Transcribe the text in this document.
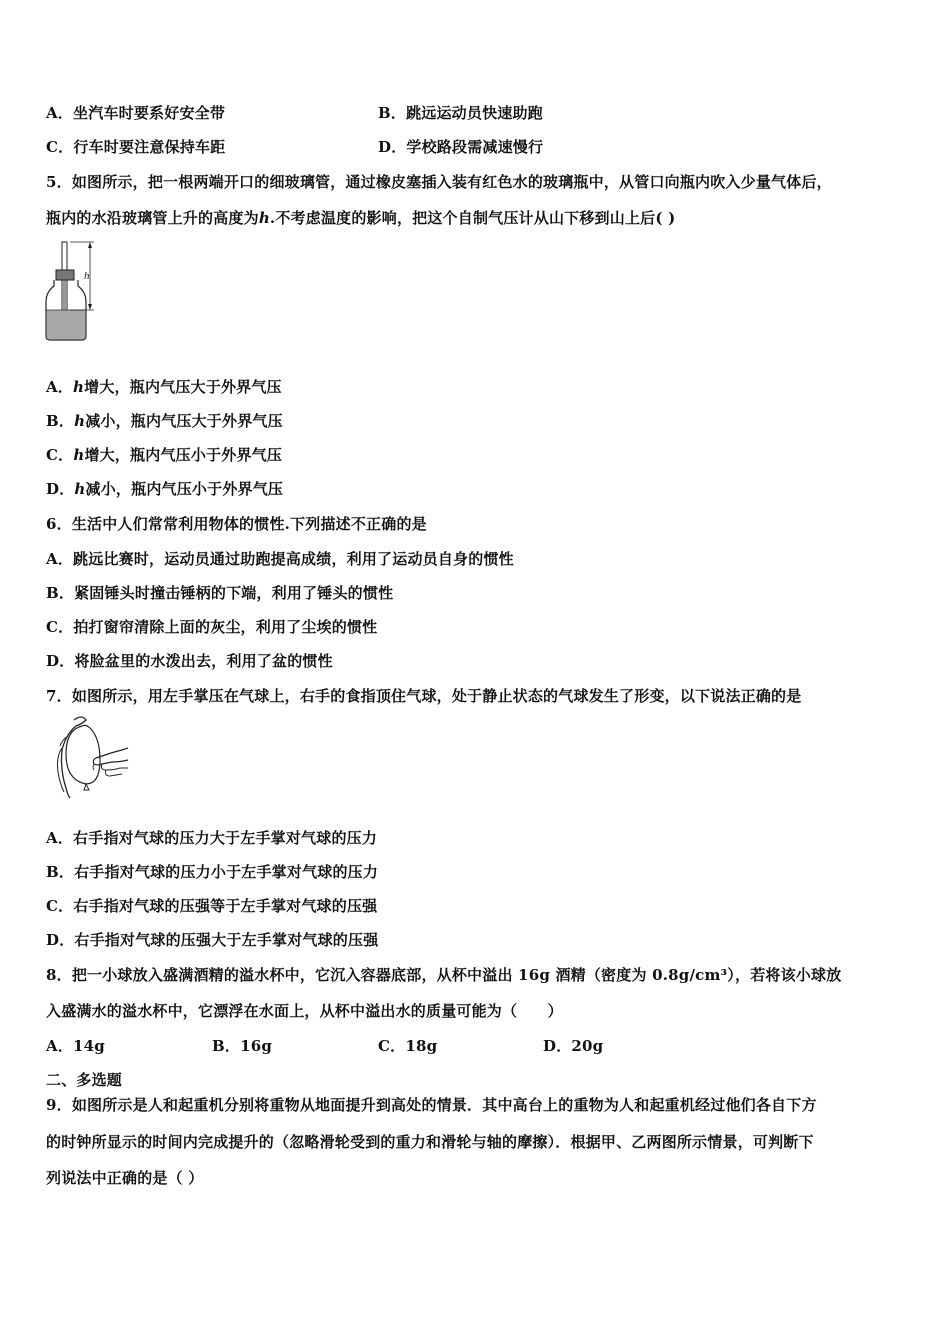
A．坐汽车时要系好安全带	B．跳远运动员快速助跑
C．行车时要注意保持车距	D．学校路段需减速慢行
5．如图所示，把一根两端开口的细玻璃管，通过橡皮塞插入装有红色水的玻璃瓶中，从管口向瓶内吹入少量气体后，
瓶内的水沿玻璃管上升的高度为h.不考虑温度的影响，把这个自制气压计从山下移到山上后( )
h
A．h增大，瓶内气压大于外界气压
B．h减小，瓶内气压大于外界气压
C．h增大，瓶内气压小于外界气压
D．h减小，瓶内气压小于外界气压
6．生活中人们常常利用物体的惯性.下列描述不正确的是
A．跳远比赛时，运动员通过助跑提高成绩，利用了运动员自身的惯性
B．紧固锤头时撞击锤柄的下端，利用了锤头的惯性
C．拍打窗帘清除上面的灰尘，利用了尘埃的惯性
D．将脸盆里的水泼出去，利用了盆的惯性
7．如图所示，用左手掌压在气球上，右手的食指顶住气球，处于静止状态的气球发生了形变，以下说法正确的是
A．右手指对气球的压力大于左手掌对气球的压力
B．右手指对气球的压力小于左手掌对气球的压力
C．右手指对气球的压强等于左手掌对气球的压强
D．右手指对气球的压强大于左手掌对气球的压强
8．把一小球放入盛满酒精的溢水杯中，它沉入容器底部，从杯中溢出 16g 酒精（密度为 0.8g/cm³），若将该小球放
入盛满水的溢水杯中，它漂浮在水面上，从杯中溢出水的质量可能为（　　）
A．14g	B．16g	C．18g	D．20g
二、多选题
9．如图所示是人和起重机分别将重物从地面提升到高处的情景．其中高台上的重物为人和起重机经过他们各自下方
的时钟所显示的时间内完成提升的（忽略滑轮受到的重力和滑轮与轴的摩擦）．根据甲、乙两图所示情景，可判断下
列说法中正确的是（ ）
